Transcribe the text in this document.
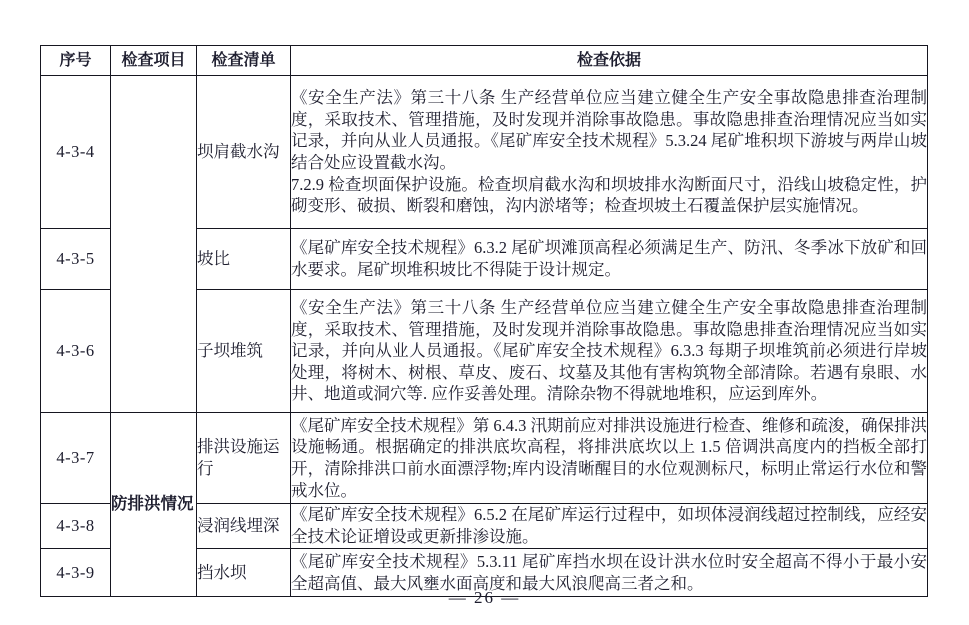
序号	检查项目	检查清单	检查依据
4-3-4		坝肩截水沟	《安全生产法》第三十八条 生产经营单位应当建立健全生产安全事故隐患排查治理制度，采取技术、管理措施，及时发现并消除事故隐患。事故隐患排查治理情况应当如实记录，并向从业人员通报。《尾矿库安全技术规程》5.3.24 尾矿堆积坝下游坡与两岸山坡结合处应设置截水沟。
7.2.9 检查坝面保护设施。检查坝肩截水沟和坝坡排水沟断面尺寸，沿线山坡稳定性，护砌变形、破损、断裂和磨蚀，沟内淤堵等；检查坝坡土石覆盖保护层实施情况。

4-3-5		坡比	《尾矿库安全技术规程》6.3.2 尾矿坝滩顶高程必须满足生产、防汛、冬季冰下放矿和回水要求。尾矿坝堆积坡比不得陡于设计规定。

4-3-6		子坝堆筑	《安全生产法》第三十八条 生产经营单位应当建立健全生产安全事故隐患排查治理制度，采取技术、管理措施，及时发现并消除事故隐患。事故隐患排查治理情况应当如实记录，并向从业人员通报。《尾矿库安全技术规程》6.3.3 每期子坝堆筑前必须进行岸坡处理，将树木、树根、草皮、废石、坟墓及其他有害构筑物全部清除。若遇有泉眼、水井、地道或洞穴等. 应作妥善处理。清除杂物不得就地堆积，应运到库外。

4-3-7	防排洪情况	排洪设施运行	《尾矿库安全技术规程》第 6.4.3 汛期前应对排洪设施进行检查、维修和疏浚，确保排洪设施畅通。根据确定的排洪底坎高程，将排洪底坎以上 1.5 倍调洪高度内的挡板全部打开，清除排洪口前水面漂浮物;库内设清晰醒目的水位观测标尺，标明止常运行水位和警戒水位。

4-3-8		浸润线埋深	《尾矿库安全技术规程》6.5.2 在尾矿库运行过程中，如坝体浸润线超过控制线，应经安全技术论证增设或更新排渗设施。

4-3-9		挡水坝	《尾矿库安全技术规程》5.3.11 尾矿库挡水坝在设计洪水位时安全超高不得小于最小安全超高值、最大风壅水面高度和最大风浪爬高三者之和。
— 26 —
